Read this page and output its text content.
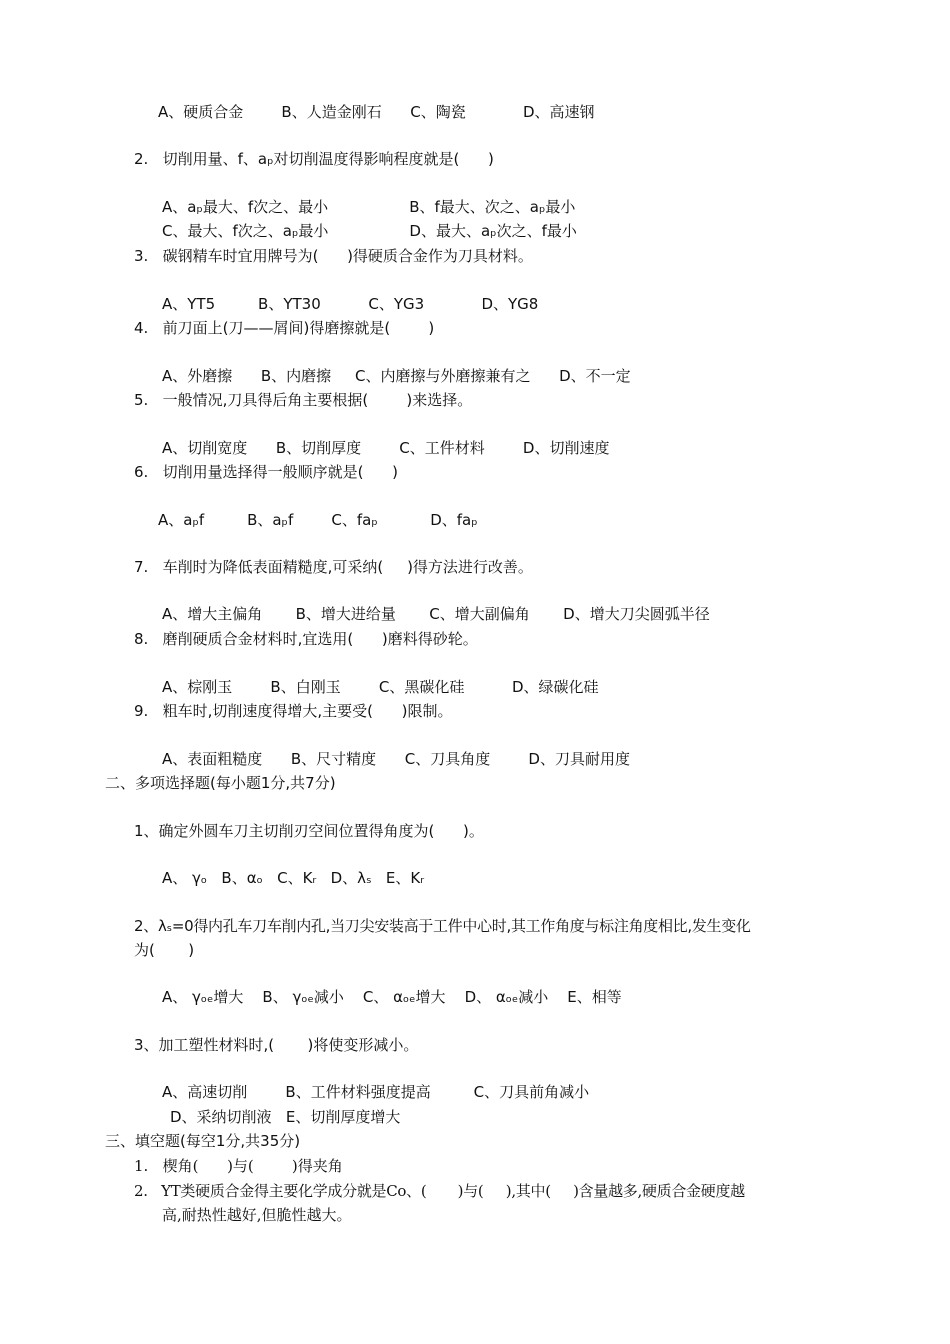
A、硬质合金        B、人造金刚石      C、陶瓷            D、高速钢
2.   切削用量、f、aₚ对切削温度得影响程度就是(      )
A、aₚ最大、f次之、最小                 B、f最大、次之、aₚ最小
C、最大、f次之、aₚ最小                 D、最大、aₚ次之、f最小
3.   碳钢精车时宜用牌号为(      )得硬质合金作为刀具材料。
A、YT5         B、YT30          C、YG3            D、YG8
4.   前刀面上(刀——屑间)得磨擦就是(        )
A、外磨擦      B、内磨擦     C、内磨擦与外磨擦兼有之      D、不一定
5.   一般情况,刀具得后角主要根据(        )来选择。
A、切削宽度      B、切削厚度        C、工件材料        D、切削速度
6.   切削用量选择得一般顺序就是(      )
A、aₚf         B、aₚf        C、faₚ           D、faₚ
7.   车削时为降低表面精糙度,可采纳(     )得方法进行改善。
A、增大主偏角       B、增大进给量       C、增大副偏角       D、增大刀尖圆弧半径
8.   磨削硬质合金材料时,宜选用(      )磨料得砂轮。
A、棕刚玉        B、白刚玉        C、黑碳化硅          D、绿碳化硅
9.   粗车时,切削速度得增大,主要受(      )限制。
A、表面粗糙度      B、尺寸精度      C、刀具角度        D、刀具耐用度
二、多项选择题(每小题1分,共7分)
1、确定外圆车刀主切削刃空间位置得角度为(      )。
A、 γₒ   B、αₒ   C、Kᵣ   D、λₛ   E、Kᵣ
2、λₛ=0得内孔车刀车削内孔,当刀尖安装高于工件中心时,其工作角度与标注角度相比,发生变化
为(       )
A、 γₒₑ增大    B、 γₒₑ减小    C、 αₒₑ增大    D、 αₒₑ减小    E、相等
3、加工塑性材料时,(       )将使变形减小。
A、高速切削        B、工件材料强度提高         C、刀具前角减小
D、采纳切削液   E、切削厚度增大
三、填空题(每空1分,共35分)
1.   楔角(      )与(        )得夹角
2.   YT类硬质合金得主要化学成分就是Co、(       )与(     ),其中(     )含量越多,硬质合金硬度越
高,耐热性越好,但脆性越大。
